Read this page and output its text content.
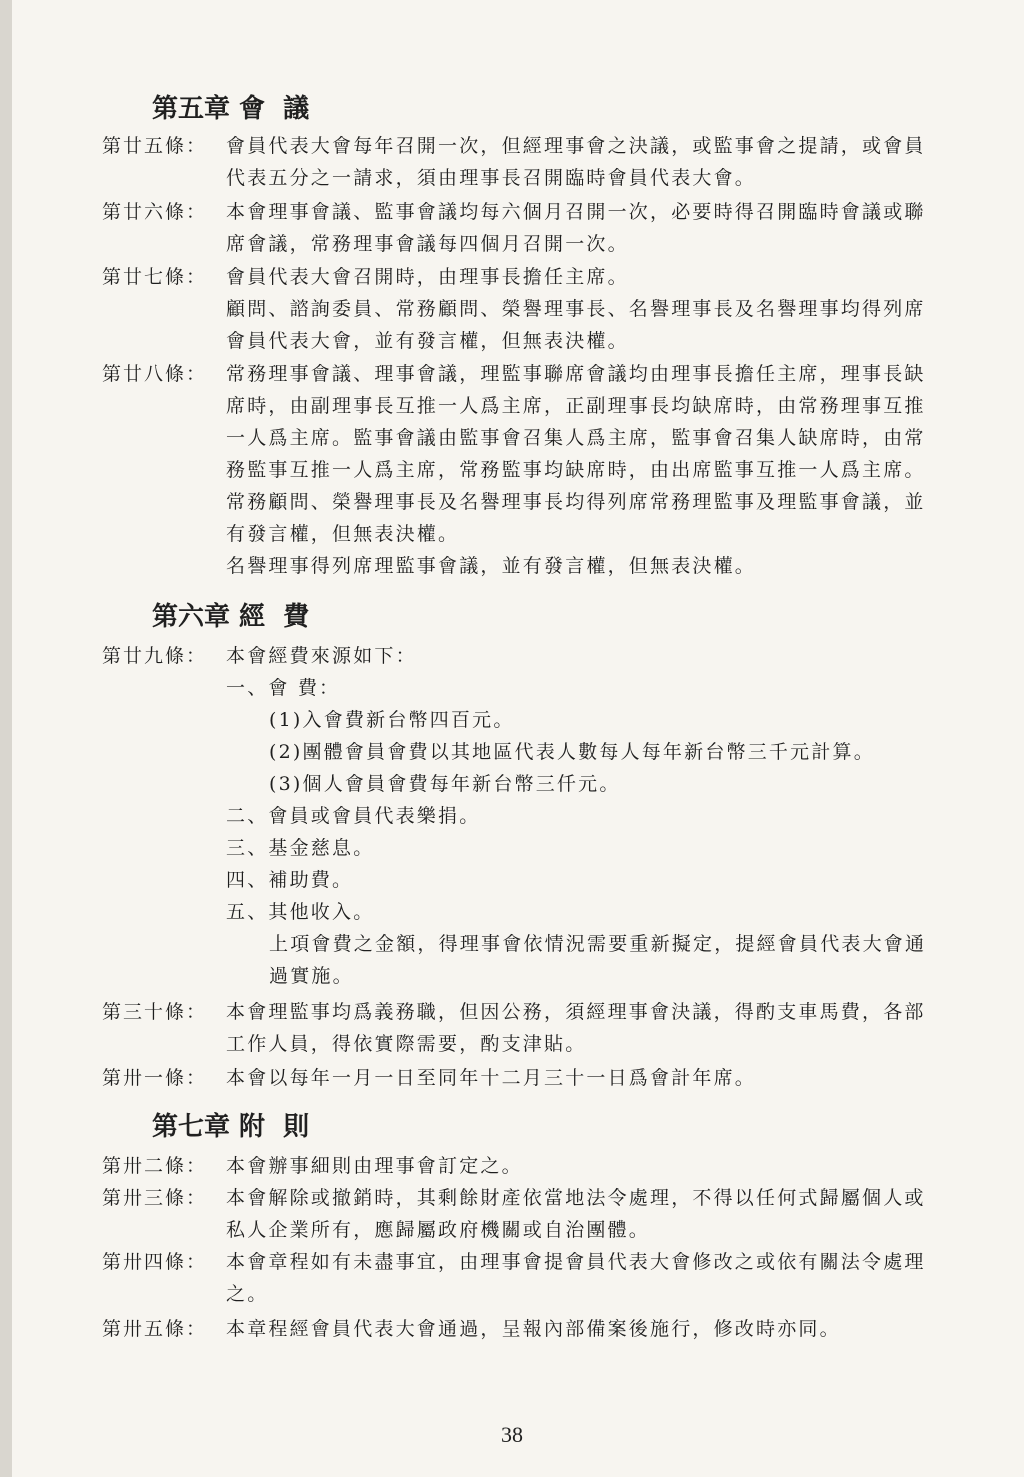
第五章 會  議
第廿五條： 會員代表大會每年召開一次，但經理事會之決議，或監事會之提請，或會員
代表五分之一請求，須由理事長召開臨時會員代表大會。
第廿六條： 本會理事會議、監事會議均每六個月召開一次，必要時得召開臨時會議或聯
席會議，常務理事會議每四個月召開一次。
第廿七條： 會員代表大會召開時，由理事長擔任主席。
顧問、諮詢委員、常務顧問、榮譽理事長、名譽理事長及名譽理事均得列席
會員代表大會，並有發言權，但無表決權。
第廿八條： 常務理事會議、理事會議，理監事聯席會議均由理事長擔任主席，理事長缺
席時，由副理事長互推一人爲主席，正副理事長均缺席時，由常務理事互推
一人爲主席。監事會議由監事會召集人爲主席，監事會召集人缺席時，由常
務監事互推一人爲主席，常務監事均缺席時，由出席監事互推一人爲主席。
常務顧問、榮譽理事長及名譽理事長均得列席常務理監事及理監事會議，並
有發言權，但無表決權。
名譽理事得列席理監事會議，並有發言權，但無表決權。
第六章 經  費
第廿九條： 本會經費來源如下：
一、會 費：
(1)入會費新台幣四百元。
(2)團體會員會費以其地區代表人數每人每年新台幣三千元計算。
(3)個人會員會費每年新台幣三仟元。
二、會員或會員代表樂捐。
三、基金慈息。
四、補助費。
五、其他收入。
上項會費之金額，得理事會依情況需要重新擬定，提經會員代表大會通
過實施。
第三十條： 本會理監事均爲義務職，但因公務，須經理事會決議，得酌支車馬費，各部
工作人員，得依實際需要，酌支津貼。
第卅一條： 本會以每年一月一日至同年十二月三十一日爲會計年席。
第七章 附  則
第卅二條： 本會辦事細則由理事會訂定之。
第卅三條： 本會解除或撤銷時，其剩餘財產依當地法令處理，不得以任何式歸屬個人或
私人企業所有，應歸屬政府機關或自治團體。
第卅四條： 本會章程如有未盡事宜，由理事會提會員代表大會修改之或依有關法令處理
之。
第卅五條： 本章程經會員代表大會通過，呈報內部備案後施行，修改時亦同。
38
